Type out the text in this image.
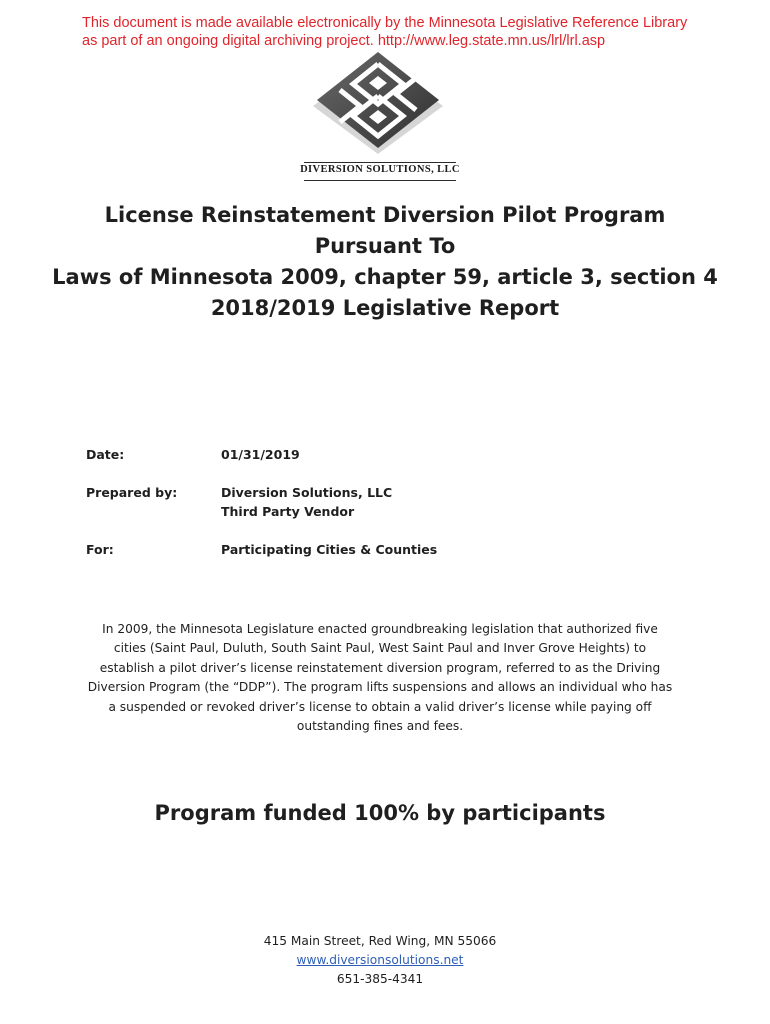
This document is made available electronically by the Minnesota Legislative Reference Library
as part of an ongoing digital archiving project. http://www.leg.state.mn.us/lrl/lrl.asp
DIVERSION SOLUTIONS, LLC
License Reinstatement Diversion Pilot Program
Pursuant To
Laws of Minnesota 2009, chapter 59, article 3, section 4
2018/2019 Legislative Report
Date:	01/31/2019
Prepared by:	Diversion Solutions, LLC
Third Party Vendor
For:	Participating Cities & Counties
In 2009, the Minnesota Legislature enacted groundbreaking legislation that authorized five
cities (Saint Paul, Duluth, South Saint Paul, West Saint Paul and Inver Grove Heights) to
establish a pilot driver’s license reinstatement diversion program, referred to as the Driving
Diversion Program (the “DDP”). The program lifts suspensions and allows an individual who has
a suspended or revoked driver’s license to obtain a valid driver’s license while paying off
outstanding fines and fees.
Program funded 100% by participants
415 Main Street, Red Wing, MN 55066
www.diversionsolutions.net
651-385-4341
